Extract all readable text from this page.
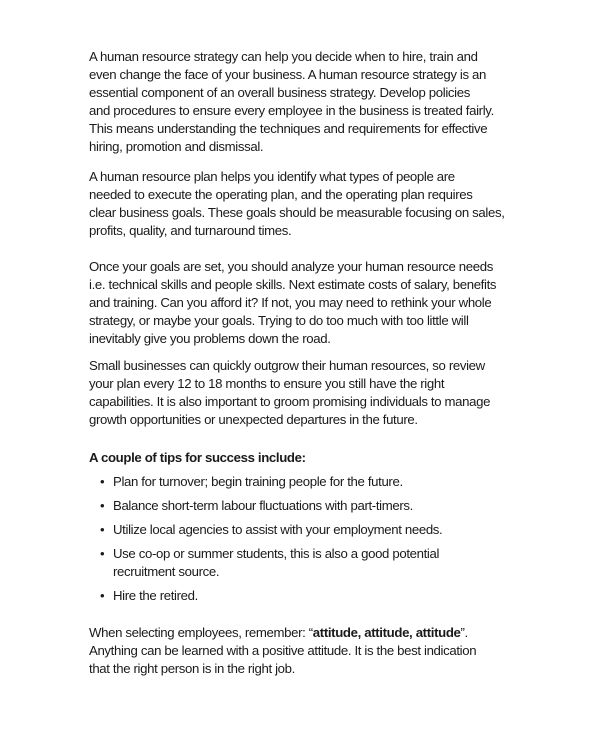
A human resource strategy can help you decide when to hire, train and
even change the face of your business. A human resource strategy is an
essential component of an overall business strategy. Develop policies
and procedures to ensure every employee in the business is treated fairly.
This means understanding the techniques and requirements for effective
hiring, promotion and dismissal.
A human resource plan helps you identify what types of people are
needed to execute the operating plan, and the operating plan requires
clear business goals. These goals should be measurable focusing on sales,
profits, quality, and turnaround times.
Once your goals are set, you should analyze your human resource needs
i.e. technical skills and people skills. Next estimate costs of salary, benefits
and training. Can you afford it? If not, you may need to rethink your whole
strategy, or maybe your goals. Trying to do too much with too little will
inevitably give you problems down the road.
Small businesses can quickly outgrow their human resources, so review
your plan every 12 to 18 months to ensure you still have the right
capabilities. It is also important to groom promising individuals to manage
growth opportunities or unexpected departures in the future.
A couple of tips for success include:
• Plan for turnover; begin training people for the future.
• Balance short-term labour fluctuations with part-timers.
• Utilize local agencies to assist with your employment needs.
• Use co-op or summer students, this is also a good potential
recruitment source.
• Hire the retired.
When selecting employees, remember: “attitude, attitude, attitude”.
Anything can be learned with a positive attitude. It is the best indication
that the right person is in the right job.
